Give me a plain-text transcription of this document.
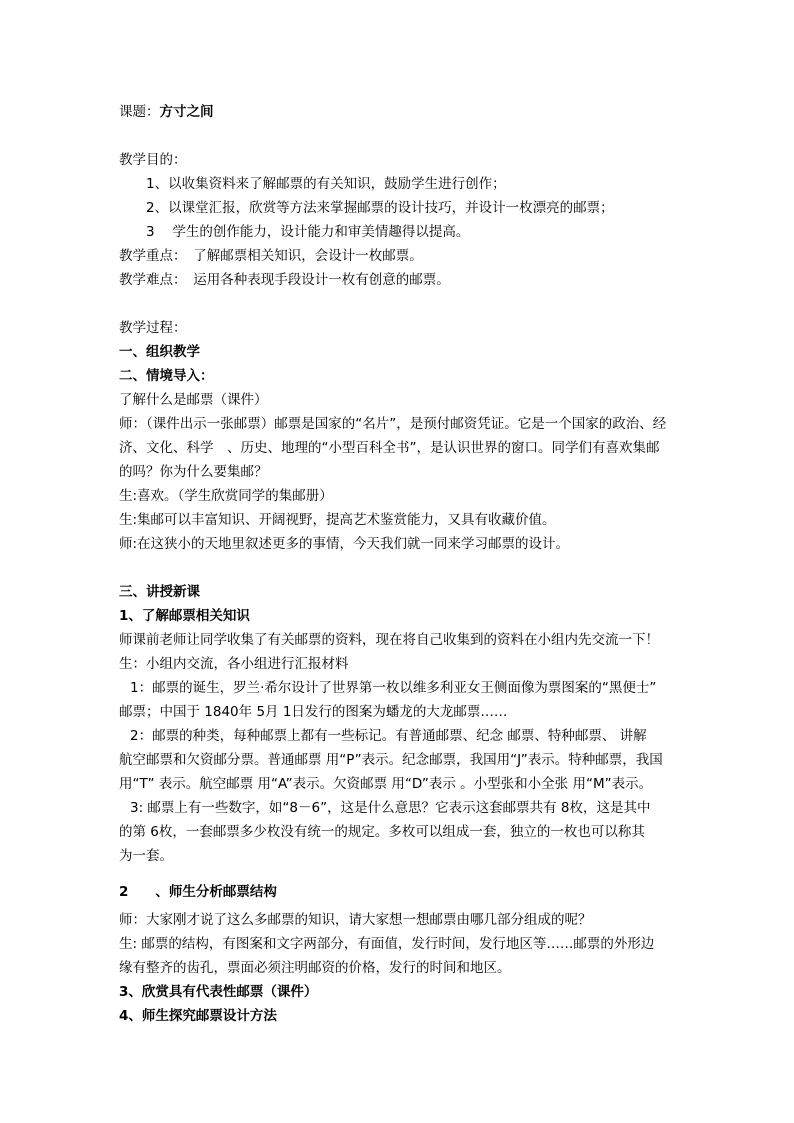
课题：方寸之间
教学目的：
1、以收集资料来了解邮票的有关知识，鼓励学生进行创作；
2、以课堂汇报，欣赏等方法来掌握邮票的设计技巧，并设计一枚漂亮的邮票；
3　 学生的创作能力，设计能力和审美情趣得以提高。
教学重点：　了解邮票相关知识，会设计一枚邮票。
教学难点：　运用各种表现手段设计一枚有创意的邮票。
教学过程：
一、组织教学
二、情境导入：
了解什么是邮票（课件）
师：（课件出示一张邮票）邮票是国家的“名片”，是预付邮资凭证。它是一个国家的政治、经
济、文化、科学　、历史、地理的“小型百科全书”，是认识世界的窗口。同学们有喜欢集邮
的吗？你为什么要集邮？
生:喜欢。（学生欣赏同学的集邮册）
生:集邮可以丰富知识、开阔视野，提高艺术鉴赏能力，又具有收藏价值。
师:在这狭小的天地里叙述更多的事情，今天我们就一同来学习邮票的设计。
三、讲授新课
1、了解邮票相关知识
师课前老师让同学收集了有关邮票的资料，现在将自己收集到的资料在小组内先交流一下！
生：小组内交流，各小组进行汇报材料
1：邮票的诞生，罗兰·希尔设计了世界第一枚以维多利亚女王侧面像为票图案的“黑便士”
邮票；中国于 1840年 5月 1日发行的图案为蟠龙的大龙邮票……
2：邮票的种类，每种邮票上都有一些标记。有普通邮票、纪念 邮票、特种邮票、 讲解
航空邮票和欠资邮分票。普通邮票 用“P”表示。纪念邮票，我国用“J”表示。特种邮票，我国
用“T” 表示。航空邮票 用“A”表示。欠资邮票 用“D”表示 。小型张和小全张 用“M”表示。
3: 邮票上有一些数字，如“8－6”，这是什么意思？它表示这套邮票共有 8枚，这是其中
的第 6枚，一套邮票多少枚没有统一的规定。多枚可以组成一套，独立的一枚也可以称其
为一套。
2　　、师生分析邮票结构
师：大家刚才说了这么多邮票的知识，请大家想一想邮票由哪几部分组成的呢？
生: 邮票的结构，有图案和文字两部分，有面值，发行时间，发行地区等……邮票的外形边
缘有整齐的齿孔，票面必须注明邮资的价格，发行的时间和地区。
3、欣赏具有代表性邮票（课件）
4、师生探究邮票设计方法
